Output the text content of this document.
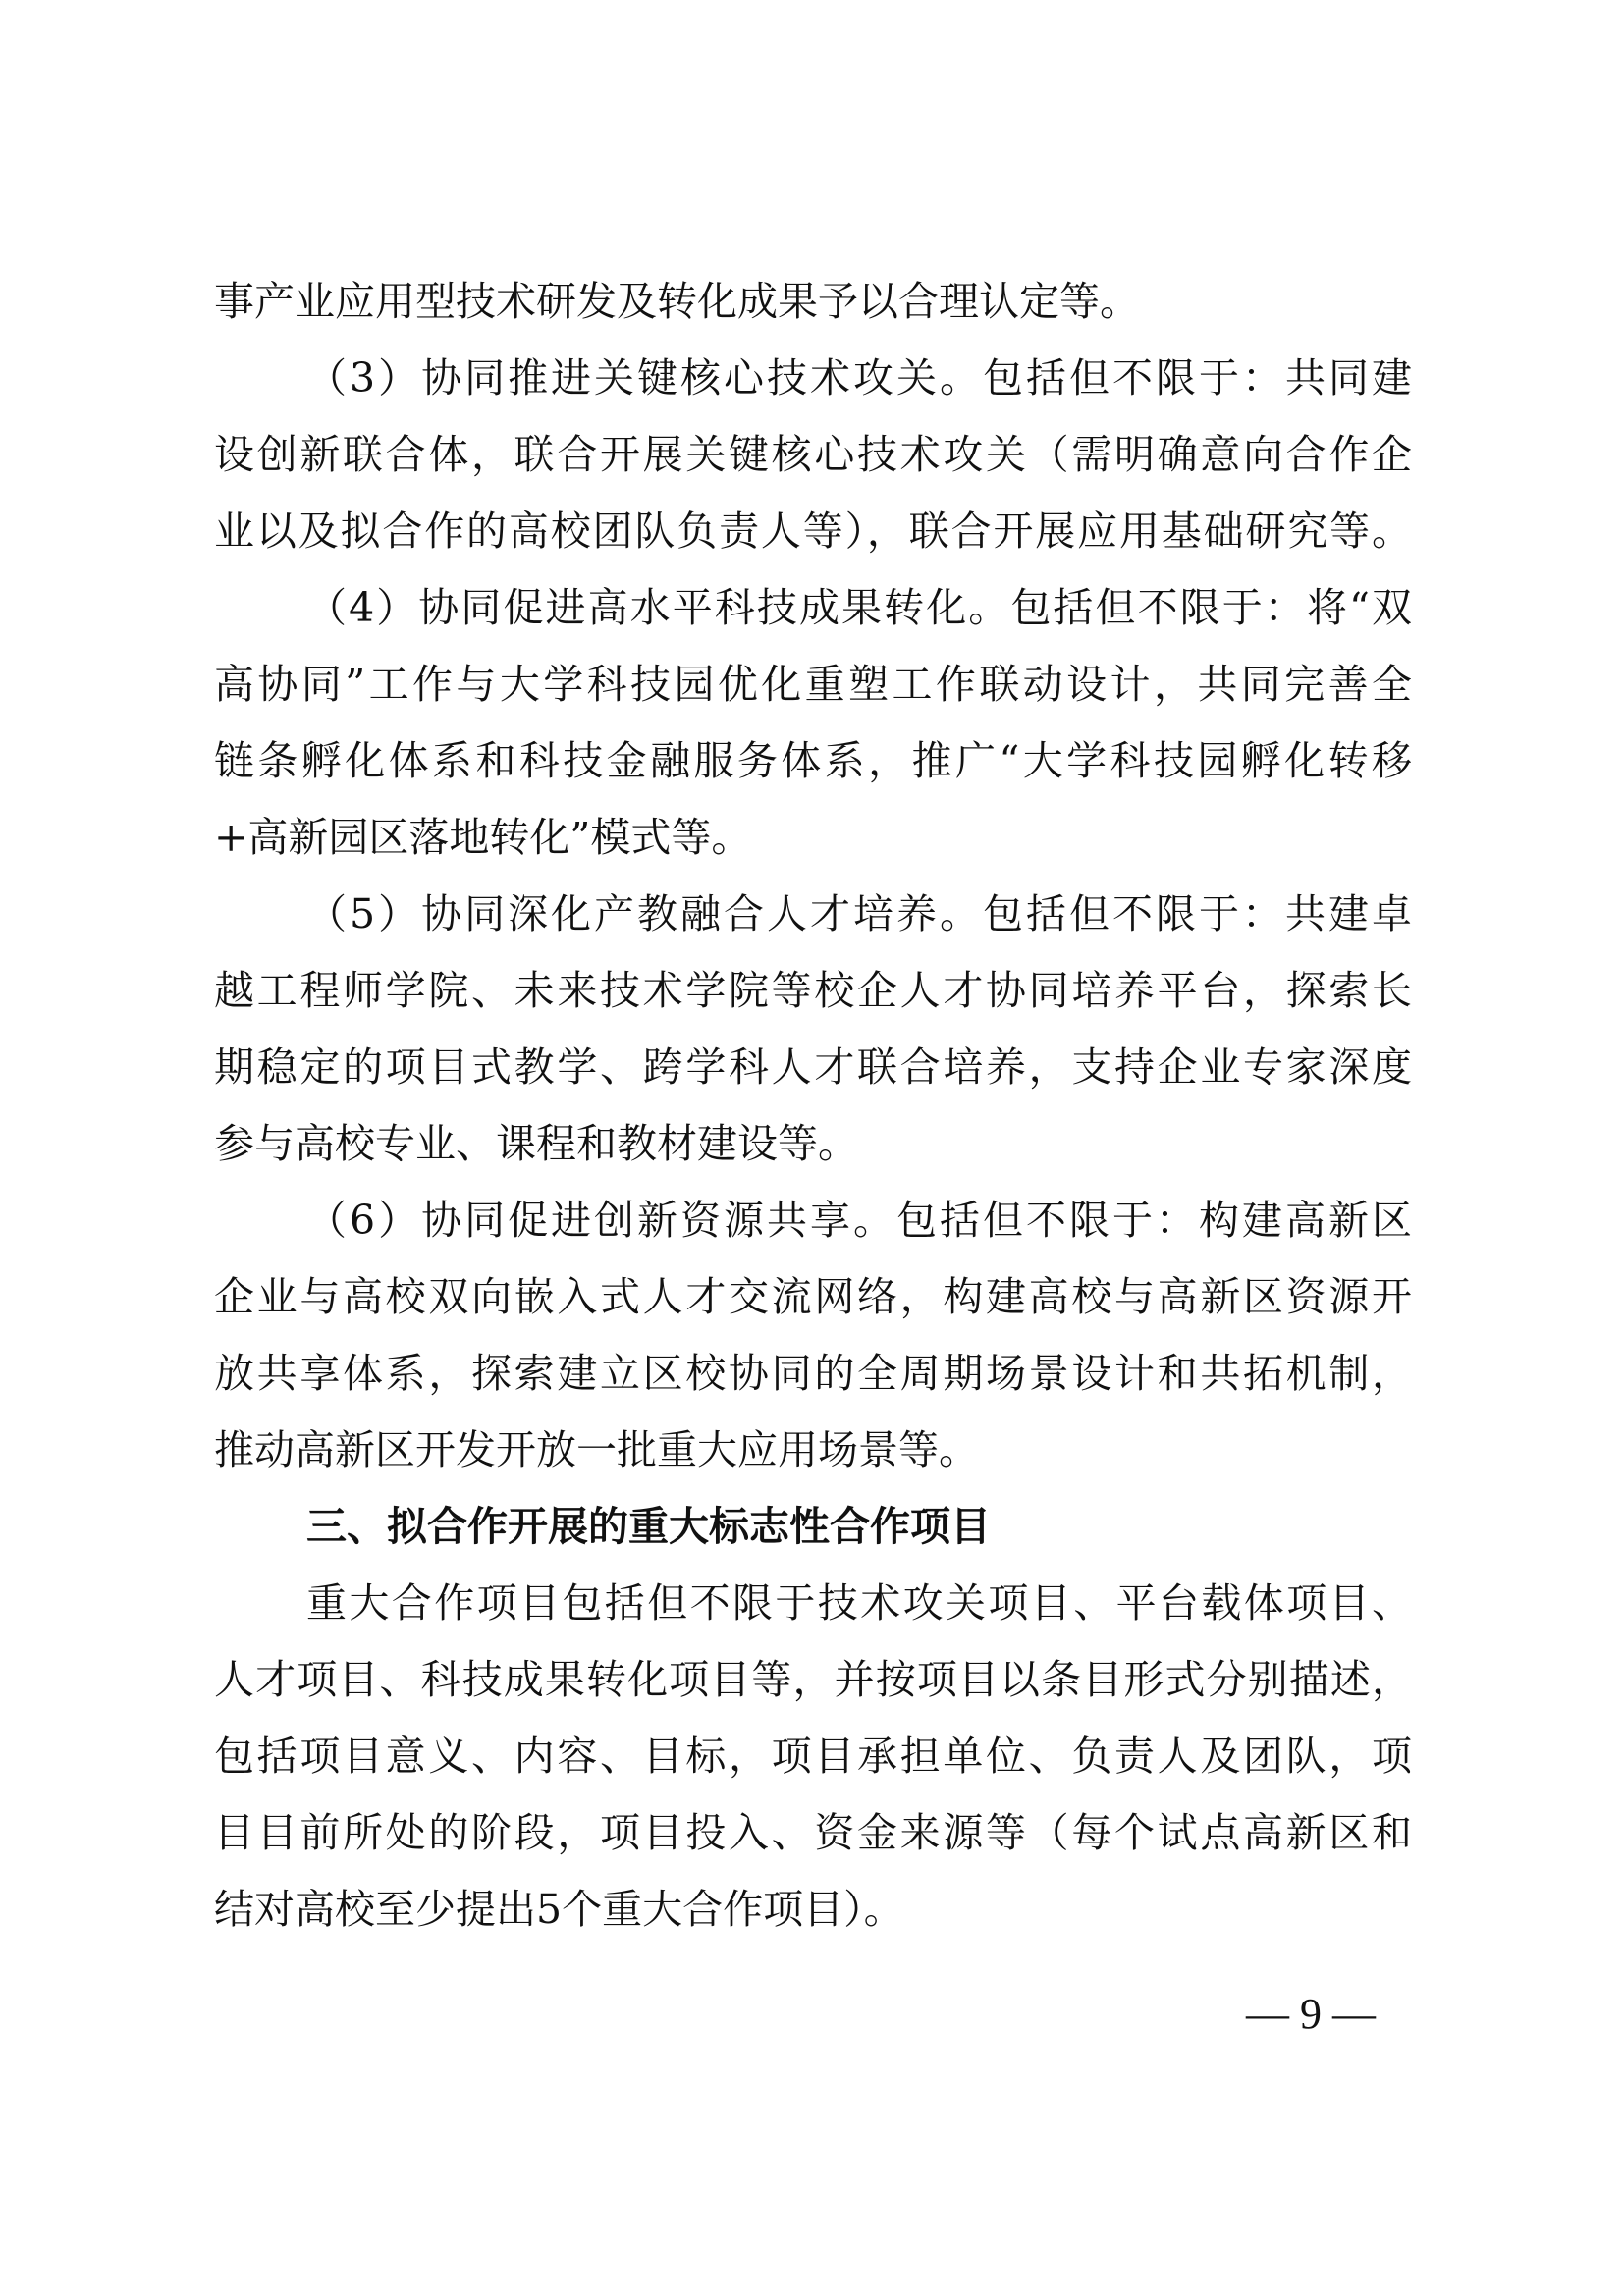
事产业应用型技术研发及转化成果予以合理认定等。
（3）协同推进关键核心技术攻关。包括但不限于：共同建
设创新联合体，联合开展关键核心技术攻关（需明确意向合作企
业以及拟合作的高校团队负责人等），联合开展应用基础研究等。
（4）协同促进高水平科技成果转化。包括但不限于：将“双
高协同”工作与大学科技园优化重塑工作联动设计，共同完善全
链条孵化体系和科技金融服务体系，推广“大学科技园孵化转移
+高新园区落地转化”模式等。
（5）协同深化产教融合人才培养。包括但不限于：共建卓
越工程师学院、未来技术学院等校企人才协同培养平台，探索长
期稳定的项目式教学、跨学科人才联合培养，支持企业专家深度
参与高校专业、课程和教材建设等。
（6）协同促进创新资源共享。包括但不限于：构建高新区
企业与高校双向嵌入式人才交流网络，构建高校与高新区资源开
放共享体系，探索建立区校协同的全周期场景设计和共拓机制，
推动高新区开发开放一批重大应用场景等。
三、拟合作开展的重大标志性合作项目
重大合作项目包括但不限于技术攻关项目、平台载体项目、
人才项目、科技成果转化项目等，并按项目以条目形式分别描述，
包括项目意义、内容、目标，项目承担单位、负责人及团队，项
目目前所处的阶段，项目投入、资金来源等（每个试点高新区和
结对高校至少提出5个重大合作项目）。
— 9 —
